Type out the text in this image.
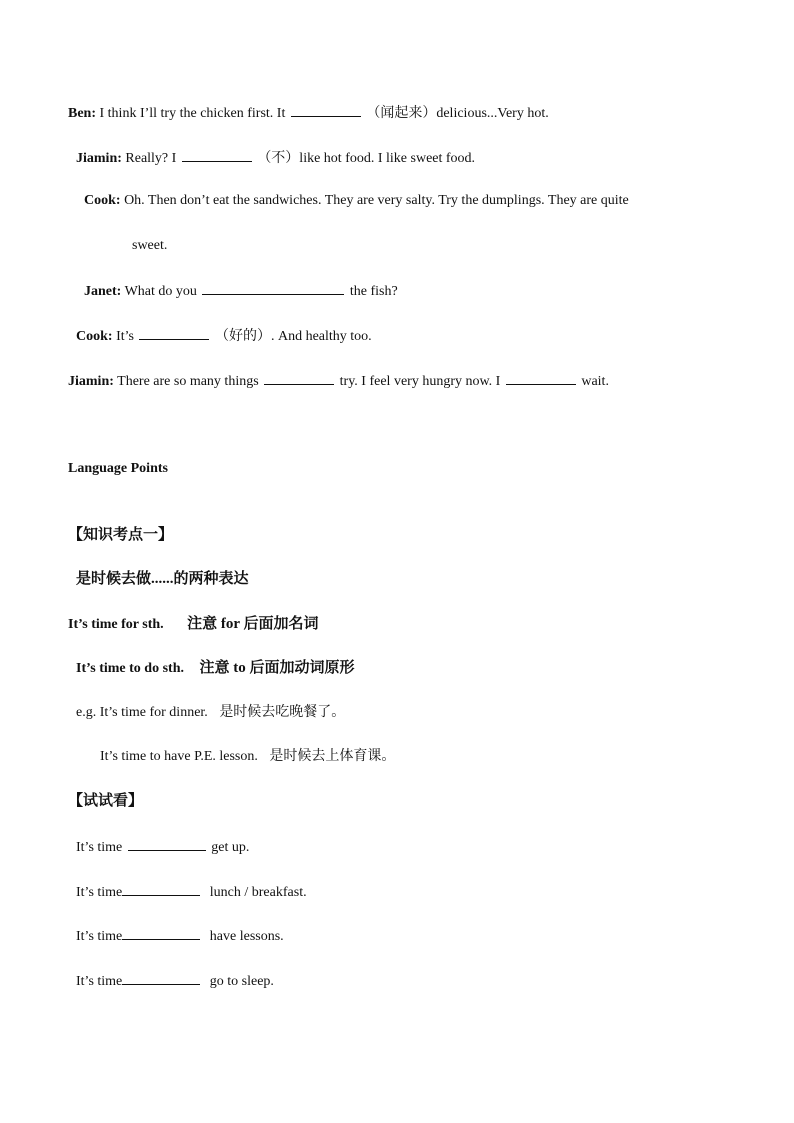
Ben: I think I’ll try the chicken first. It	（闻起来）delicious...Very hot.
Jiamin: Really? I	（不）like hot food. I like sweet food.
Cook: Oh. Then don’t eat the sandwiches. They are very salty. Try the dumplings. They are quite
sweet.
Janet: What do you	the fish?
Cook: It’s	（好的）. And healthy too.
Jiamin: There are so many things	try. I feel very hungry now. I	wait.
Language Points
【知识考点一】
是时候去做......的两种表达
It’s time for sth. 注意 for 后面加名词
It’s time to do sth. 注意 to 后面加动词原形
e.g. It’s time for dinner. 是时候去吃晚餐了。
It’s time to have P.E. lesson. 是时候去上体育课。
【试试看】
It’s time	get up.
It’s time	lunch / breakfast.
It’s time	have lessons.
It’s time	go to sleep.
